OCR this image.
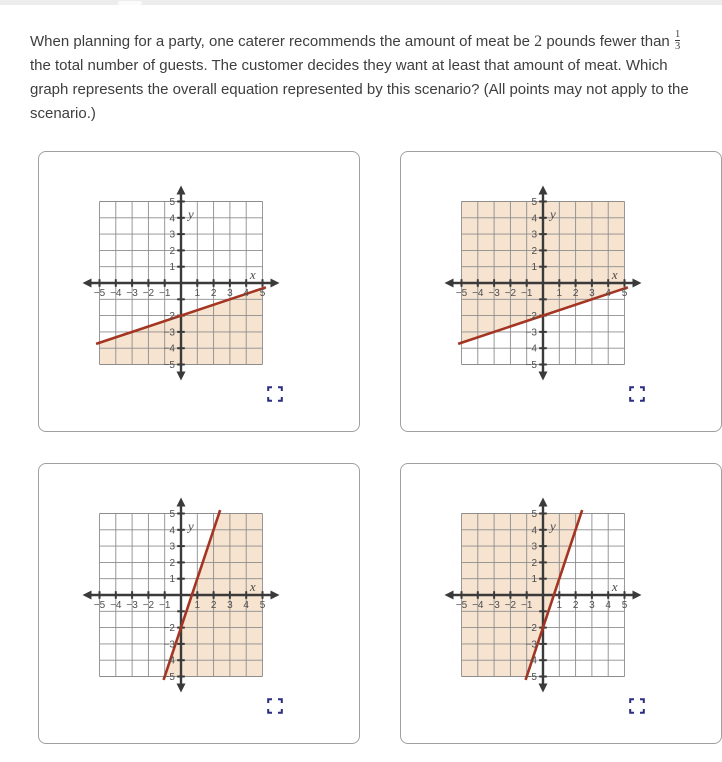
When planning for a party, one caterer recommends the amount of meat be 2 pounds fewer than $\frac{1}{3}$
the total number of guests. The customer decides they want at least that amount of meat. Which graph represents the overall equation represented by this scenario? (All points may not apply to the scenario.)

−5 −4 −3 −2 −1 1 2 3 4 5
5
4
3
2
1
−2
−3
−4
−5
x
y
−5 −4 −3 −2 −1 1 2 3 4 5
5
4
3
2
1
−2
−3
−4
−5
x
y
−5 −4 −3 −2 −1 1 2 3 4 5
5
4
3
2
1
−2
−3
−4
−5
x
y
−5 −4 −3 −2 −1 1 2 3 4 5
5
4
3
2
1
−2
−3
−4
−5
x
y
